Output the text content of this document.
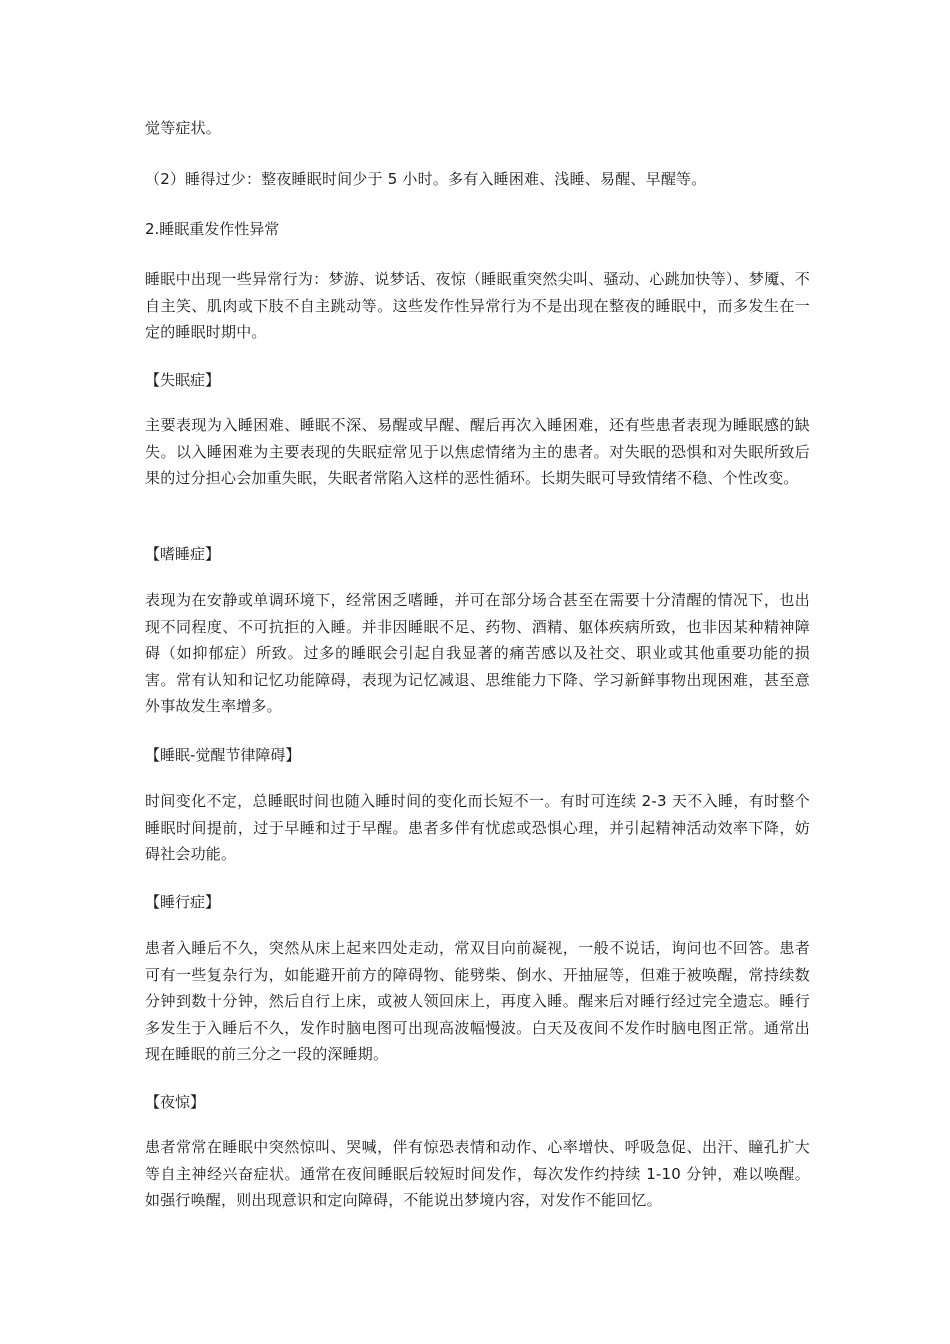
觉等症状。
（2）睡得过少：整夜睡眠时间少于 5 小时。多有入睡困难、浅睡、易醒、早醒等。
2.睡眠重发作性异常
睡眠中出现一些异常行为：梦游、说梦话、夜惊（睡眠重突然尖叫、骚动、心跳加快等）、梦魇、不自主笑、肌肉或下肢不自主跳动等。这些发作性异常行为不是出现在整夜的睡眠中，而多发生在一定的睡眠时期中。
【失眠症】
主要表现为入睡困难、睡眠不深、易醒或早醒、醒后再次入睡困难，还有些患者表现为睡眠感的缺失。以入睡困难为主要表现的失眠症常见于以焦虑情绪为主的患者。对失眠的恐惧和对失眠所致后果的过分担心会加重失眠，失眠者常陷入这样的恶性循环。长期失眠可导致情绪不稳、个性改变。
【嗜睡症】
表现为在安静或单调环境下，经常困乏嗜睡，并可在部分场合甚至在需要十分清醒的情况下，也出现不同程度、不可抗拒的入睡。并非因睡眠不足、药物、酒精、躯体疾病所致，也非因某种精神障碍（如抑郁症）所致。过多的睡眠会引起自我显著的痛苦感以及社交、职业或其他重要功能的损害。常有认知和记忆功能障碍，表现为记忆减退、思维能力下降、学习新鲜事物出现困难，甚至意外事故发生率增多。
【睡眠-觉醒节律障碍】
时间变化不定，总睡眠时间也随入睡时间的变化而长短不一。有时可连续 2-3 天不入睡，有时整个睡眠时间提前，过于早睡和过于早醒。患者多伴有忧虑或恐惧心理，并引起精神活动效率下降，妨碍社会功能。
【睡行症】
患者入睡后不久，突然从床上起来四处走动，常双目向前凝视，一般不说话，询问也不回答。患者可有一些复杂行为，如能避开前方的障碍物、能劈柴、倒水、开抽屉等，但难于被唤醒，常持续数分钟到数十分钟，然后自行上床，或被人领回床上，再度入睡。醒来后对睡行经过完全遗忘。睡行多发生于入睡后不久，发作时脑电图可出现高波幅慢波。白天及夜间不发作时脑电图正常。通常出现在睡眠的前三分之一段的深睡期。
【夜惊】
患者常常在睡眠中突然惊叫、哭喊，伴有惊恐表情和动作、心率增快、呼吸急促、出汗、瞳孔扩大等自主神经兴奋症状。通常在夜间睡眠后较短时间发作，每次发作约持续 1-10 分钟，难以唤醒。如强行唤醒，则出现意识和定向障碍，不能说出梦境内容，对发作不能回忆。
